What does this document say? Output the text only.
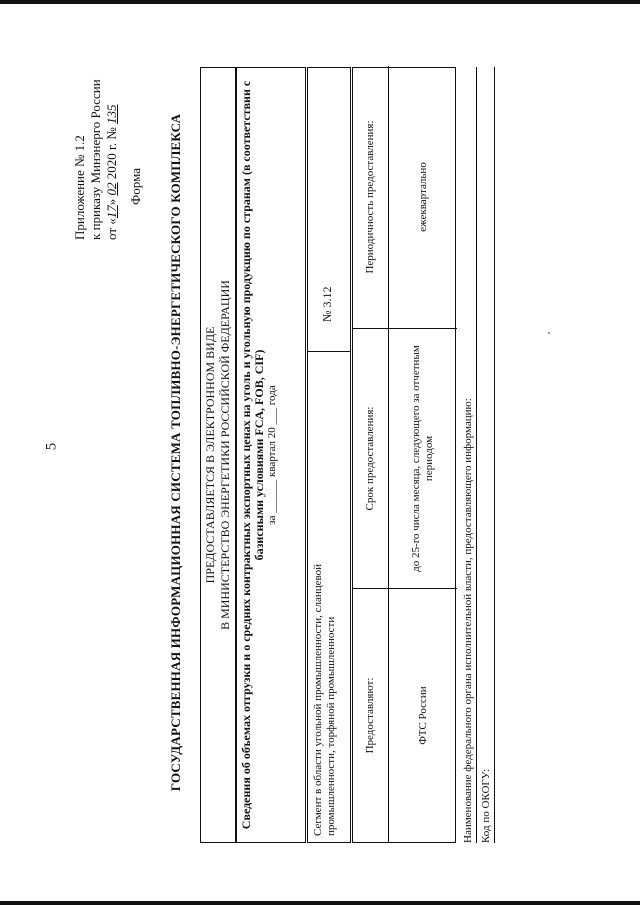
5
Приложение № 1.2 к приказу Минэнерго России от «17» 02 2020 г. № 135
Форма ГОСУДАРСТВЕННАЯ ИНФОРМАЦИОННАЯ СИСТЕМА ТОПЛИВНО-ЭНЕРГЕТИЧЕСКОГО КОМПЛЕКСА ПРЕДОСТАВЛЯЕТСЯ В ЭЛЕКТРОННОМ ВИДЕ В МИНИСТЕРСТВО ЭНЕРГЕТИКИ РОССИЙСКОЙ ФЕДЕРАЦИИ Сведения об объемах отгрузки и о средних контрактных экспортных ценах на уголь и угольную продукцию по странам (в соответствии с базисными условиями FCA, FOB, CIF) за ______ квартал 20 ___ года
Сегмент в области угольной промышленности, сланцевой промышленности, торфяной промышленности
№ 3.12
Предоставляют:
Срок предоставления:
Периодичность предоставления:
ФТС России
до 25-го числа месяца, следующего за отчетным периодом
ежеквартально
Наименование федерального органа исполнительной власти, предоставляющего информацию: Код по ОКОГУ:
